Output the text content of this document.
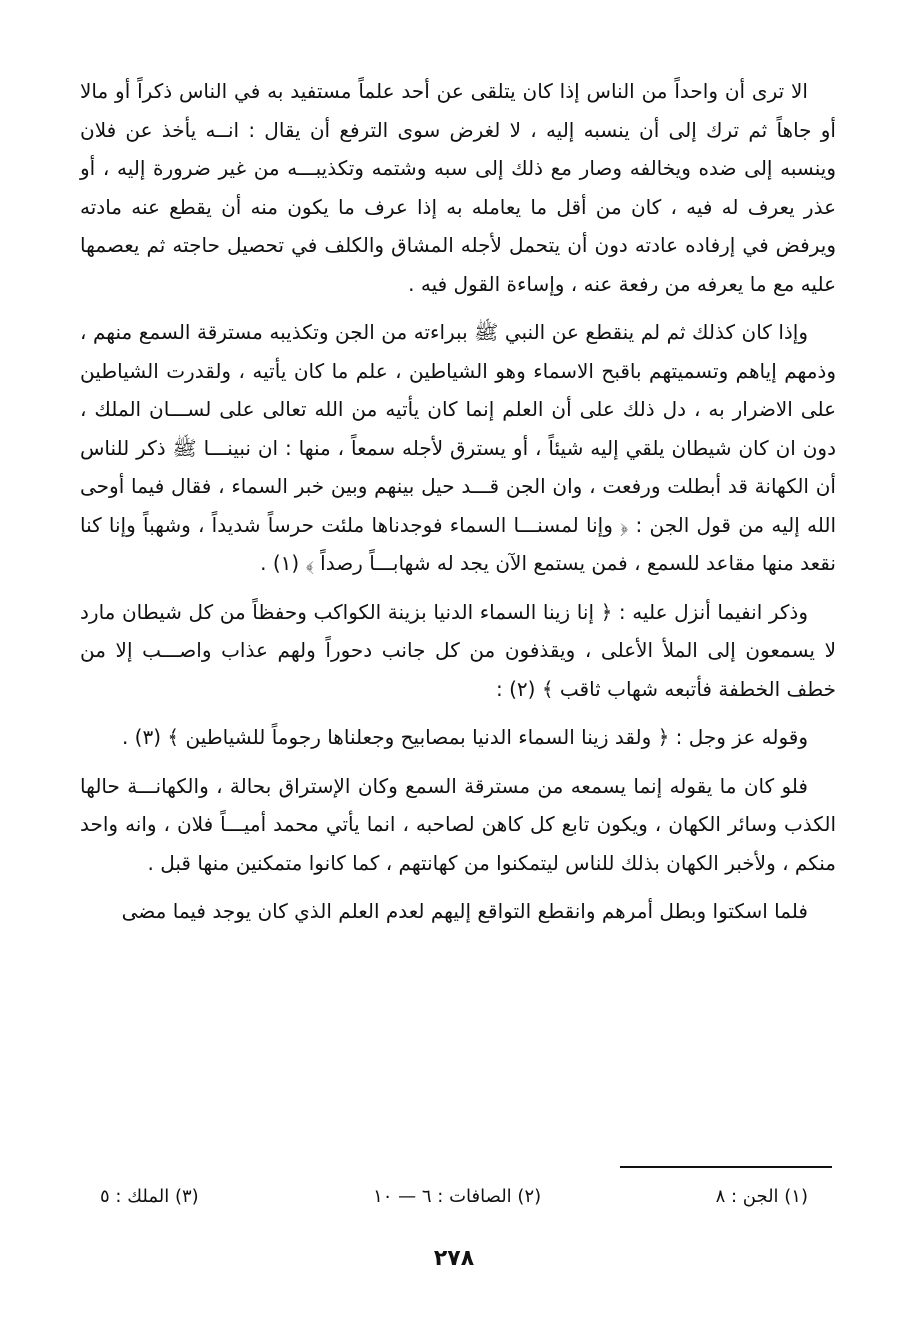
الا ترى أن واحداً من الناس إذا كان يتلقى عن أحد علماً مستفيد به في الناس ذكراً أو مالا أو جاهاً ثم ترك إلى أن ينسبه إليه ، لا لغرض سوى الترفع أن يقال : انــه يأخذ عن فلان وينسبه إلى ضده ويخالفه وصار مع ذلك إلى سبه وشتمه وتكذيبـــه من غير ضرورة إليه ، أو عذر يعرف له فيه ، كان من أقل ما يعامله به إذا عرف ما يكون منه أن يقطع عنه مادته ويرفض في إرفاده عادته دون أن يتحمل لأجله المشاق والكلف في تحصيل حاجته ثم يعصمها عليه مع ما يعرفه من رفعة عنه ، وإساءة القول فيه .

وإذا كان كذلك ثم لم ينقطع عن النبي ﷺ ببراءته من الجن وتكذيبه مسترقة السمع منهم ، وذمهم إياهم وتسميتهم باقبح الاسماء وهو الشياطين ، علم ما كان يأتيه ، ولقدرت الشياطين على الاضرار به ، دل ذلك على أن العلم إنما كان يأتيه من الله تعالى على لســـان الملك ، دون ان كان شيطان يلقي إليه شيئاً ، أو يسترق لأجله سمعاً ، منها : ان نبينـــا ﷺ ذكر للناس أن الكهانة قد أبطلت ورفعت ، وان الجن قـــد حيل بينهم وبين خبر السماء ، فقال فيما أوحى الله إليه من قول الجن : ﴿ وإنا لمسنـــا السماء فوجدناها ملئت حرساً شديداً ، وشهباً وإنا كنا نقعد منها مقاعد للسمع ، فمن يستمع الآن يجد له شهابـــاً رصداً ﴾ (١) .

وذكر انفيما أنزل عليه : ﴿ إنا زينا السماء الدنيا بزينة الكواكب وحفظاً من كل شيطان مارد لا يسمعون إلى الملأ الأعلى ، ويقذفون من كل جانب دحوراً ولهم عذاب واصـــب إلا من خطف الخطفة فأتبعه شهاب ثاقب ﴾ (٢) :

وقوله عز وجل : ﴿ ولقد زينا السماء الدنيا بمصابيح وجعلناها رجوماً للشياطين ﴾ (٣) .

فلو كان ما يقوله إنما يسمعه من مسترقة السمع وكان الإستراق بحالة ، والكهانـــة حالها الكذب وسائر الكهان ، ويكون تابع كل كاهن لصاحبه ، انما يأتي محمد أميـــاً فلان ، وانه واحد منكم ، ولأخبر الكهان بذلك للناس ليتمكنوا من كهانتهم ، كما كانوا متمكنين منها قبل .

فلما اسكتوا وبطل أمرهم وانقطع التواقع إليهم لعدم العلم الذي كان يوجد فيما مضى

(١) الجن : ٨
(٢) الصافات : ٦ — ١٠
(٣) الملك : ٥
٢٧٨
